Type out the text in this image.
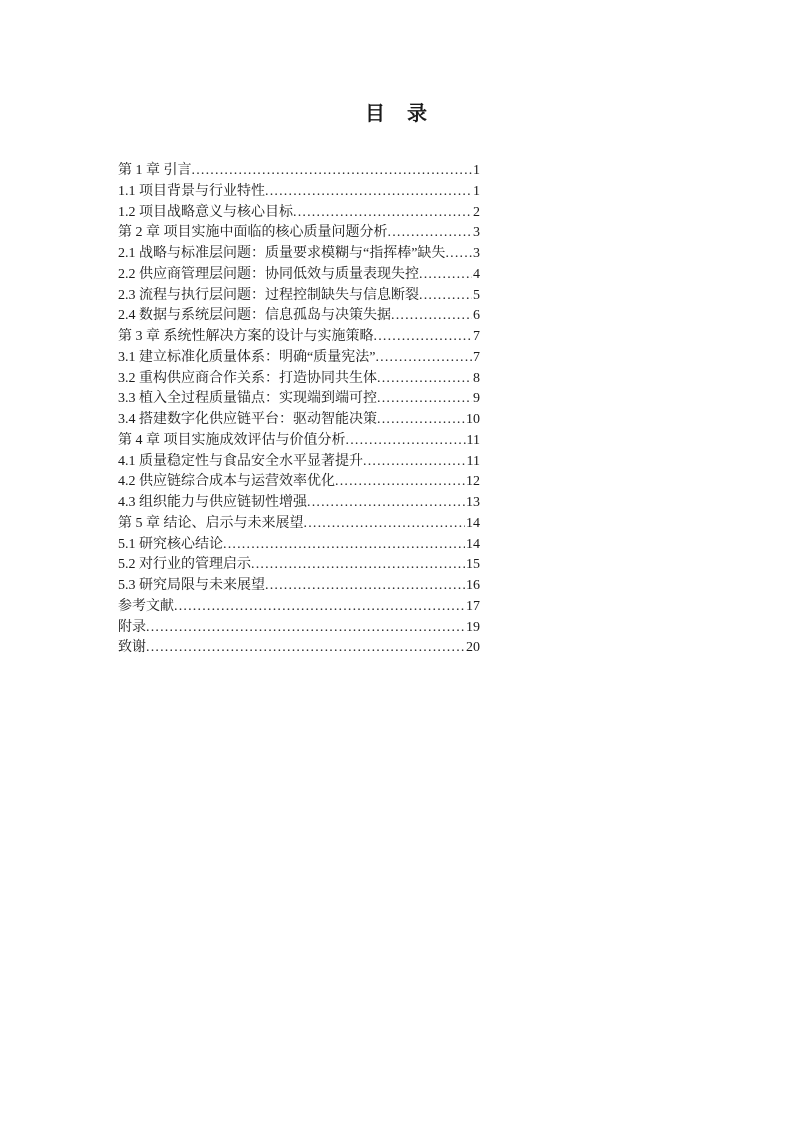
目　录
第 1 章 引言 .....	1
1.1 项目背景与行业特性 .....	1
1.2 项目战略意义与核心目标 .....	2
第 2 章 项目实施中面临的核心质量问题分析 .....	3
2.1 战略与标准层问题：质量要求模糊与“指挥棒”缺失 ..... 3
2.2 供应商管理层问题：协同低效与质量表现失控 .....	4
2.3 流程与执行层问题：过程控制缺失与信息断裂 .....	5
2.4 数据与系统层问题：信息孤岛与决策失据 .....	6
第 3 章 系统性解决方案的设计与实施策略 .....	7
3.1 建立标准化质量体系：明确“质量宪法” .....	7
3.2 重构供应商合作关系：打造协同共生体 .....	8
3.3 植入全过程质量锚点：实现端到端可控 .....	9
3.4 搭建数字化供应链平台：驱动智能决策 .....	10
第 4 章 项目实施成效评估与价值分析 .....	11
4.1 质量稳定性与食品安全水平显著提升 .....	11
4.2 供应链综合成本与运营效率优化 .....	12
4.3 组织能力与供应链韧性增强 .....	13
第 5 章 结论、启示与未来展望 .....	14
5.1 研究核心结论 .....	14
5.2 对行业的管理启示 .....	15
5.3 研究局限与未来展望 .....	16
参考文献 .....	17
附录 .....	19
致谢 .....	20
